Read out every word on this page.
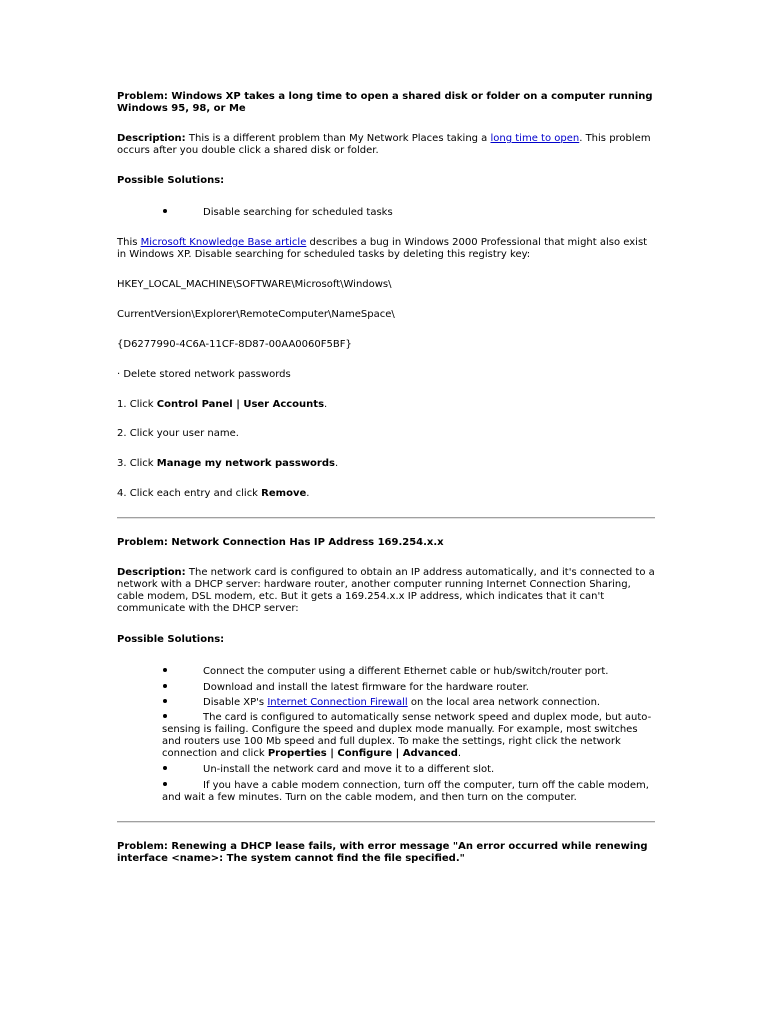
Problem: Windows XP takes a long time to open a shared disk or folder on a computer running Windows 95, 98, or Me

Description: This is a different problem than My Network Places taking a long time to open. This problem occurs after you double click a shared disk or folder.

Possible Solutions:

Disable searching for scheduled tasks

This Microsoft Knowledge Base article describes a bug in Windows 2000 Professional that might also exist in Windows XP. Disable searching for scheduled tasks by deleting this registry key:

HKEY_LOCAL_MACHINE\SOFTWARE\Microsoft\Windows\

CurrentVersion\Explorer\RemoteComputer\NameSpace\

{D6277990-4C6A-11CF-8D87-00AA0060F5BF}

· Delete stored network passwords

1. Click Control Panel | User Accounts.

2. Click your user name.

3. Click Manage my network passwords.

4. Click each entry and click Remove.

Problem: Network Connection Has IP Address 169.254.x.x

Description: The network card is configured to obtain an IP address automatically, and it's connected to a network with a DHCP server: hardware router, another computer running Internet Connection Sharing, cable modem, DSL modem, etc. But it gets a 169.254.x.x IP address, which indicates that it can't communicate with the DHCP server:

Possible Solutions:

Connect the computer using a different Ethernet cable or hub/switch/router port.
Download and install the latest firmware for the hardware router.
Disable XP's Internet Connection Firewall on the local area network connection.
The card is configured to automatically sense network speed and duplex mode, but auto-sensing is failing. Configure the speed and duplex mode manually. For example, most switches and routers use 100 Mb speed and full duplex. To make the settings, right click the network connection and click Properties | Configure | Advanced.
Un-install the network card and move it to a different slot.
If you have a cable modem connection, turn off the computer, turn off the cable modem, and wait a few minutes. Turn on the cable modem, and then turn on the computer.

Problem: Renewing a DHCP lease fails, with error message "An error occurred while renewing interface <name>: The system cannot find the file specified."
